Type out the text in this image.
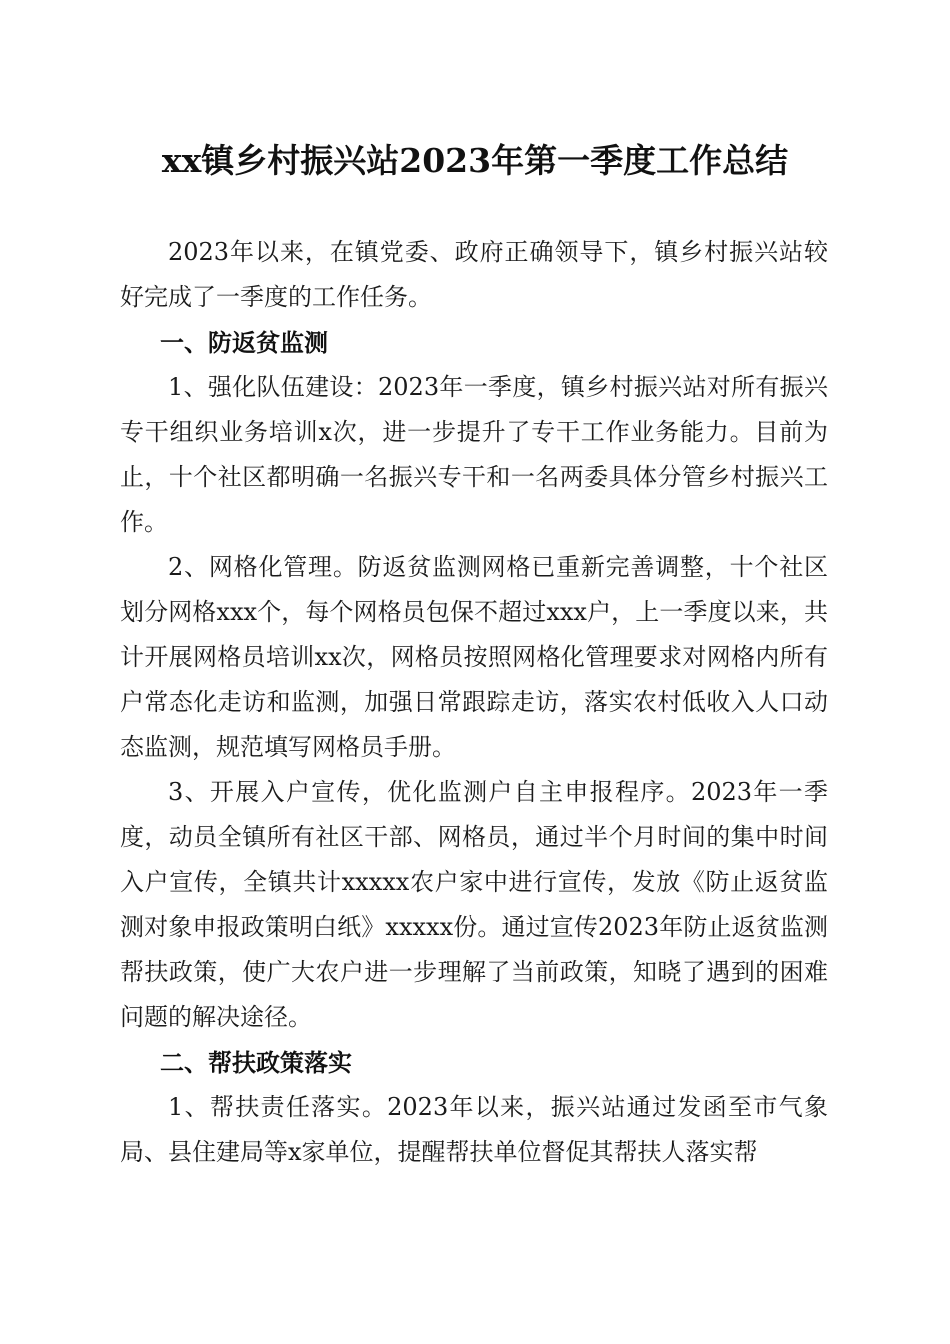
xx镇乡村振兴站2023年第一季度工作总结

2023年以来，在镇党委、政府正确领导下，镇乡村振兴站较好完成了一季度的工作任务。

一、防返贫监测

1、强化队伍建设：2023年一季度，镇乡村振兴站对所有振兴专干组织业务培训x次，进一步提升了专干工作业务能力。目前为止，十个社区都明确一名振兴专干和一名两委具体分管乡村振兴工作。

2、网格化管理。防返贫监测网格已重新完善调整，十个社区划分网格xxx个，每个网格员包保不超过xxx户，上一季度以来，共计开展网格员培训xx次，网格员按照网格化管理要求对网格内所有户常态化走访和监测，加强日常跟踪走访，落实农村低收入人口动态监测，规范填写网格员手册。

3、开展入户宣传，优化监测户自主申报程序。2023年一季度，动员全镇所有社区干部、网格员，通过半个月时间的集中时间入户宣传，全镇共计xxxxx农户家中进行宣传，发放《防止返贫监测对象申报政策明白纸》xxxxx份。通过宣传2023年防止返贫监测帮扶政策，使广大农户进一步理解了当前政策，知晓了遇到的困难问题的解决途径。

二、帮扶政策落实

1、帮扶责任落实。2023年以来，振兴站通过发函至市气象局、县住建局等x家单位，提醒帮扶单位督促其帮扶人落实帮
